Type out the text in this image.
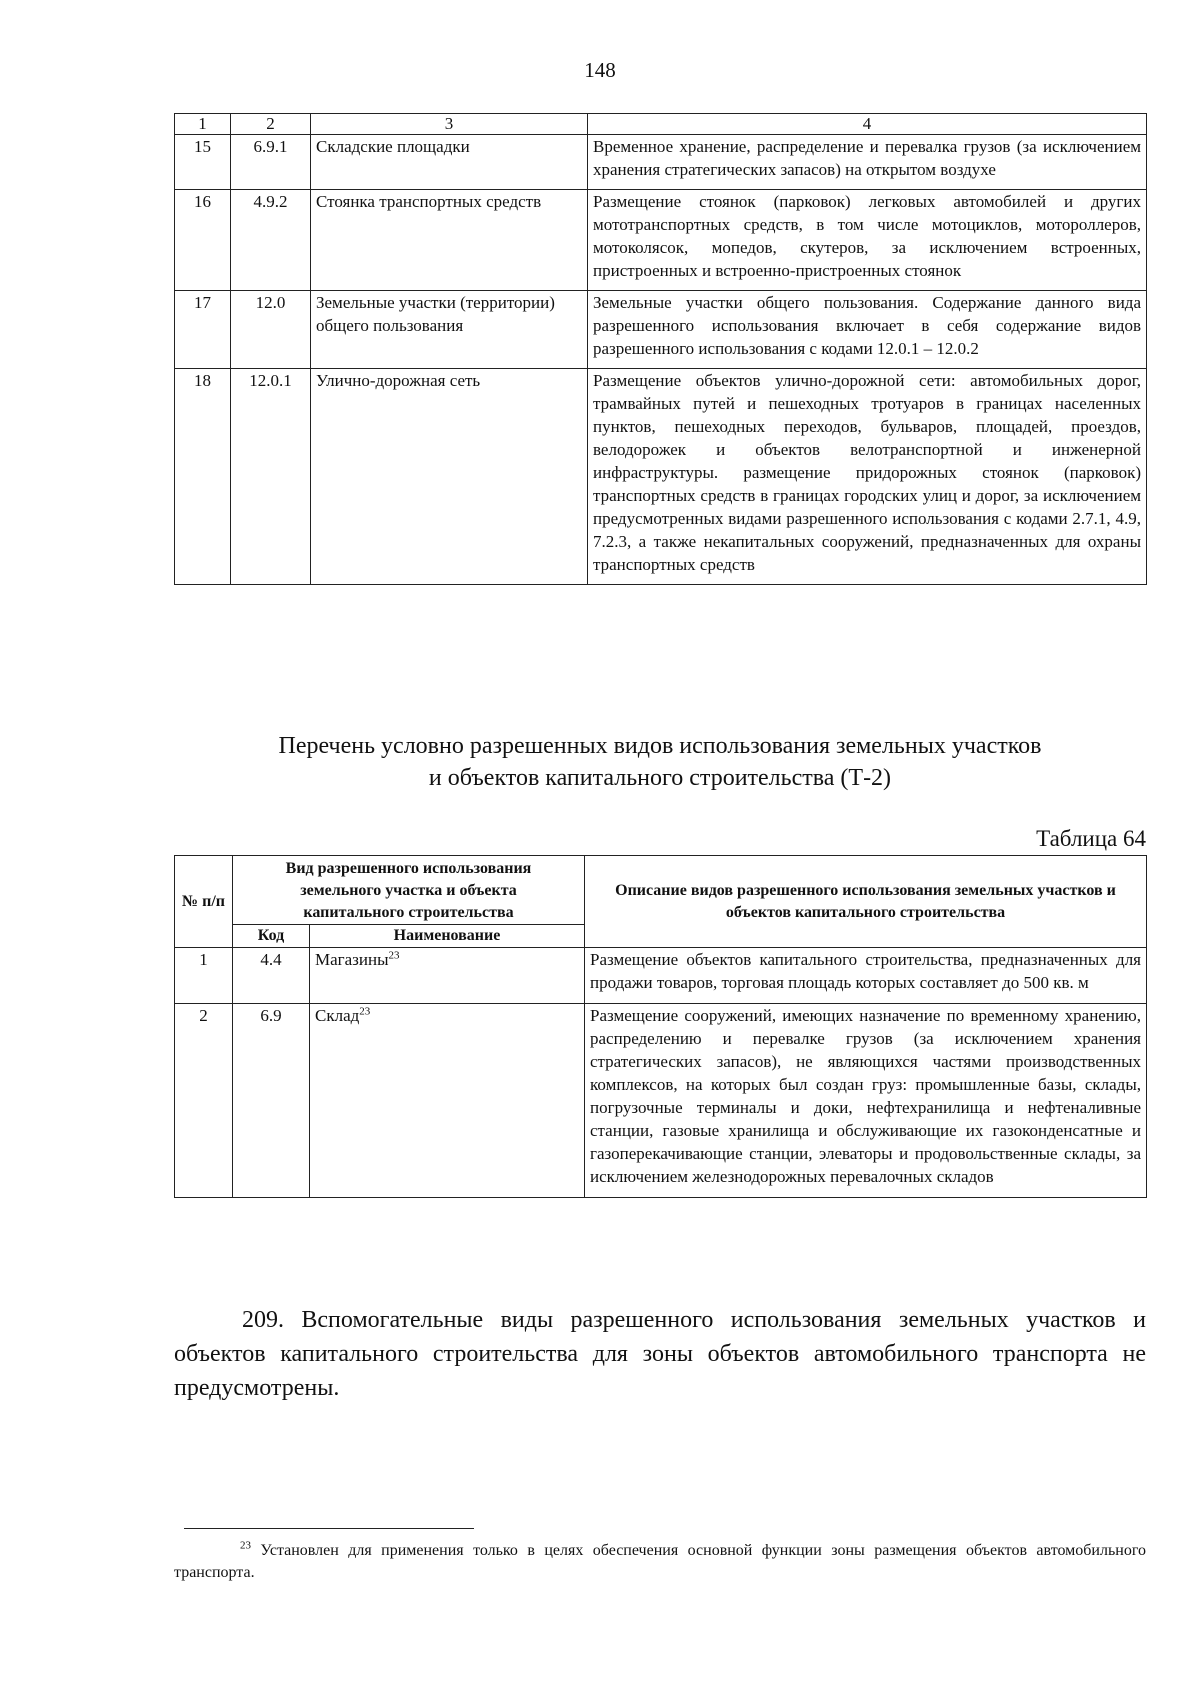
148
1	2	3	4
15	6.9.1	Складские площадки	Временное хранение, распределение и перевалка грузов (за исключением хранения стратегических запасов) на открытом воздухе
16	4.9.2	Стоянка транспортных средств	Размещение стоянок (парковок) легковых автомобилей и других мототранспортных средств, в том числе мотоциклов, мотороллеров, мотоколясок, мопедов, скутеров, за исключением встроенных, пристроенных и встроенно-пристроенных стоянок
17	12.0	Земельные участки (территории) общего пользования	Земельные участки общего пользования. Содержание данного вида разрешенного использования включает в себя содержание видов разрешенного использования с кодами 12.0.1 – 12.0.2
18	12.0.1	Улично-дорожная сеть	Размещение объектов улично-дорожной сети: автомобильных дорог, трамвайных путей и пешеходных тротуаров в границах населенных пунктов, пешеходных переходов, бульваров, площадей, проездов, велодорожек и объектов велотранспортной и инженерной инфраструктуры. размещение придорожных стоянок (парковок) транспортных средств в границах городских улиц и дорог, за исключением предусмотренных видами разрешенного использования с кодами 2.7.1, 4.9, 7.2.3, а также некапитальных сооружений, предназначенных для охраны транспортных средств
Перечень условно разрешенных видов использования земельных участков
и объектов капитального строительства (Т-2)
Таблица 64
№ п/п	Вид разрешенного использования земельного участка и объекта капитального строительства		Описание видов разрешенного использования земельных участков и объектов капитального строительства
	Код	Наименование	
1	4.4	Магазины$^{23}$	Размещение объектов капитального строительства, предназначенных для продажи товаров, торговая площадь которых составляет до 500 кв. м
2	6.9	Склад$^{23}$	Размещение сооружений, имеющих назначение по временному хранению, распределению и перевалке грузов (за исключением хранения стратегических запасов), не являющихся частями производственных комплексов, на которых был создан груз: промышленные базы, склады, погрузочные терминалы и доки, нефтехранилища и нефтеналивные станции, газовые хранилища и обслуживающие их газоконденсатные и газоперекачивающие станции, элеваторы и продовольственные склады, за исключением железнодорожных перевалочных складов
209. Вспомогательные виды разрешенного использования земельных участков и объектов капитального строительства для зоны объектов автомобильного транспорта не предусмотрены.
$^{23}$ Установлен для применения только в целях обеспечения основной функции зоны размещения объектов автомобильного транспорта.
